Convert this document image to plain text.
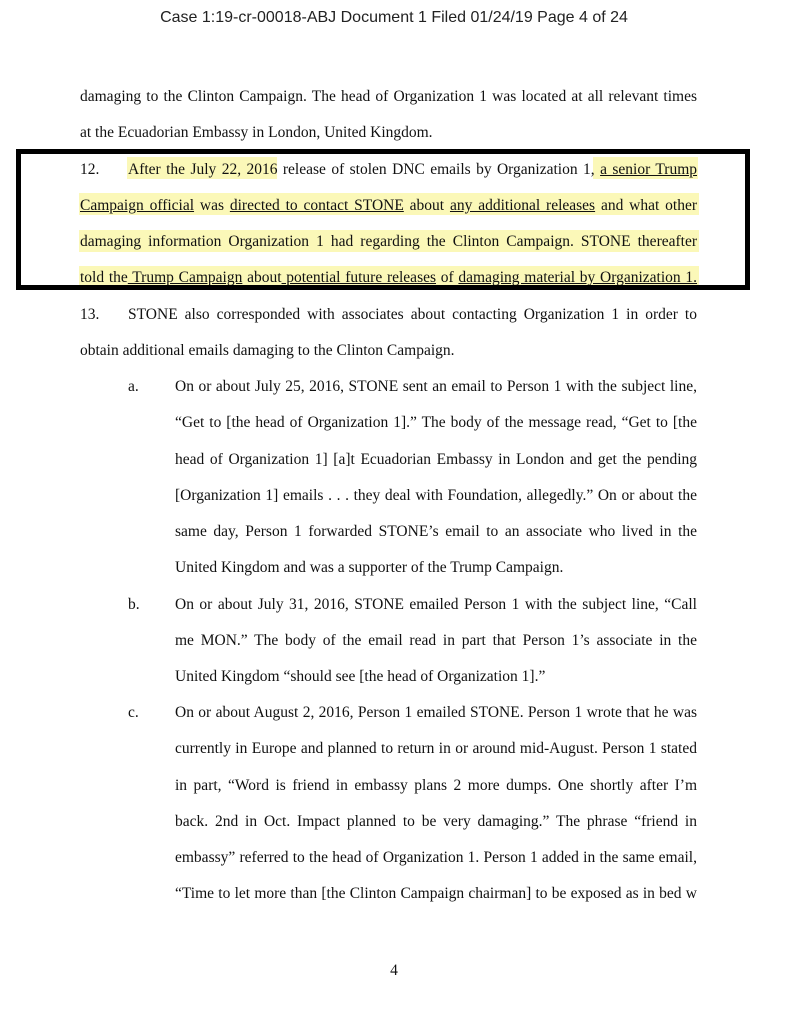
Case 1:19-cr-00018-ABJ Document 1 Filed 01/24/19 Page 4 of 24
damaging to the Clinton Campaign. The head of Organization 1 was located at all relevant times
at the Ecuadorian Embassy in London, United Kingdom.
12. After the July 22, 2016 release of stolen DNC emails by Organization 1, a senior Trump
Campaign official was directed to contact STONE about any additional releases and what other
damaging information Organization 1 had regarding the Clinton Campaign. STONE thereafter
told the Trump Campaign about potential future releases of damaging material by Organization 1.
13. STONE also corresponded with associates about contacting Organization 1 in order to
obtain additional emails damaging to the Clinton Campaign.
a. On or about July 25, 2016, STONE sent an email to Person 1 with the subject line,
“Get to [the head of Organization 1].” The body of the message read, “Get to [the
head of Organization 1] [a]t Ecuadorian Embassy in London and get the pending
[Organization 1] emails . . . they deal with Foundation, allegedly.” On or about the
same day, Person 1 forwarded STONE’s email to an associate who lived in the
United Kingdom and was a supporter of the Trump Campaign.
b. On or about July 31, 2016, STONE emailed Person 1 with the subject line, “Call
me MON.” The body of the email read in part that Person 1’s associate in the
United Kingdom “should see [the head of Organization 1].”
c. On or about August 2, 2016, Person 1 emailed STONE. Person 1 wrote that he was
currently in Europe and planned to return in or around mid-August. Person 1 stated
in part, “Word is friend in embassy plans 2 more dumps. One shortly after I’m
back. 2nd in Oct. Impact planned to be very damaging.” The phrase “friend in
embassy” referred to the head of Organization 1. Person 1 added in the same email,
“Time to let more than [the Clinton Campaign chairman] to be exposed as in bed w
4
